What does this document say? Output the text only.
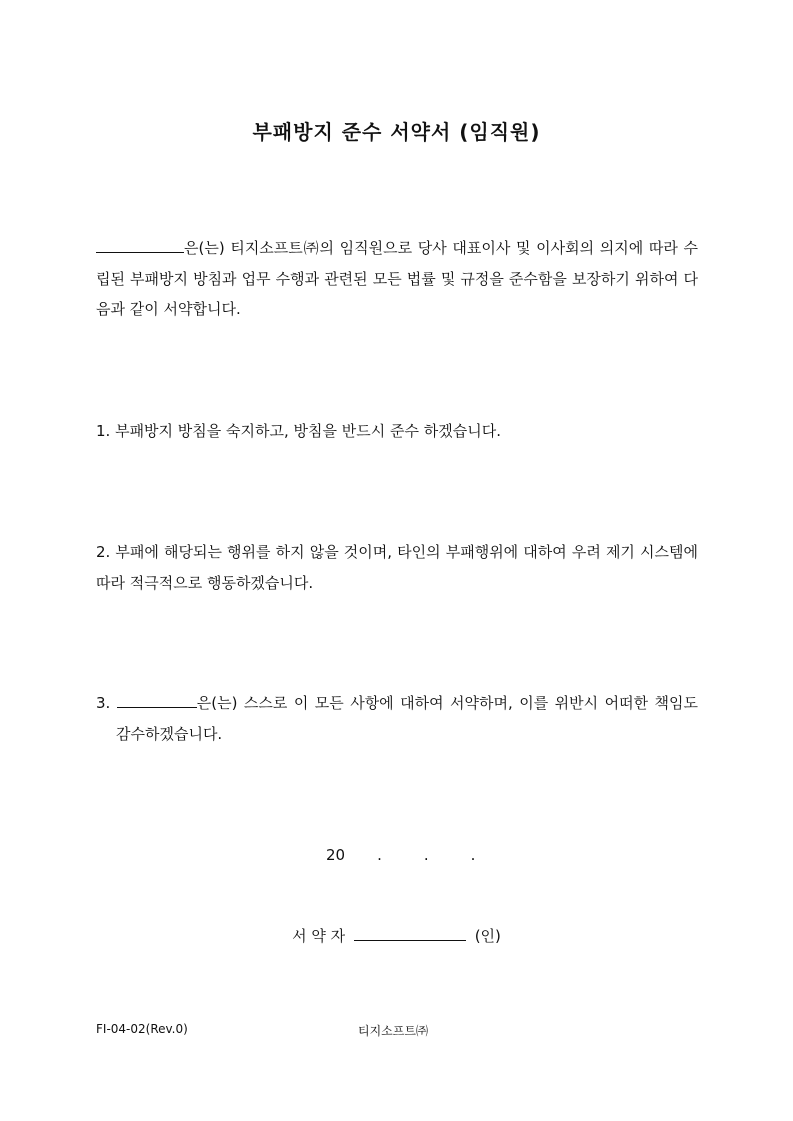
부패방지 준수 서약서 (임직원)

은(는) 티지소프트㈜의 임직원으로 당사 대표이사 및 이사회의 의지에 따라 수립된 부패방지 방침과 업무 수행과 관련된 모든 법률 및 규정을 준수함을 보장하기 위하여 다음과 같이 서약합니다.

1. 부패방지 방침을 숙지하고, 방침을 반드시 준수 하겠습니다.

2. 부패에 해당되는 행위를 하지 않을 것이며, 타인의 부패행위에 대하여 우려 제기 시스템에 따라 적극적으로 행동하겠습니다.

3.	은(는) 스스로 이 모든 사항에 대하여 서약하며, 이를 위반시 어떠한 책임도 감수하겠습니다.

20 .	.	.
서 약 자	(인)
FI-04-02(Rev.0)	티지소프트㈜
